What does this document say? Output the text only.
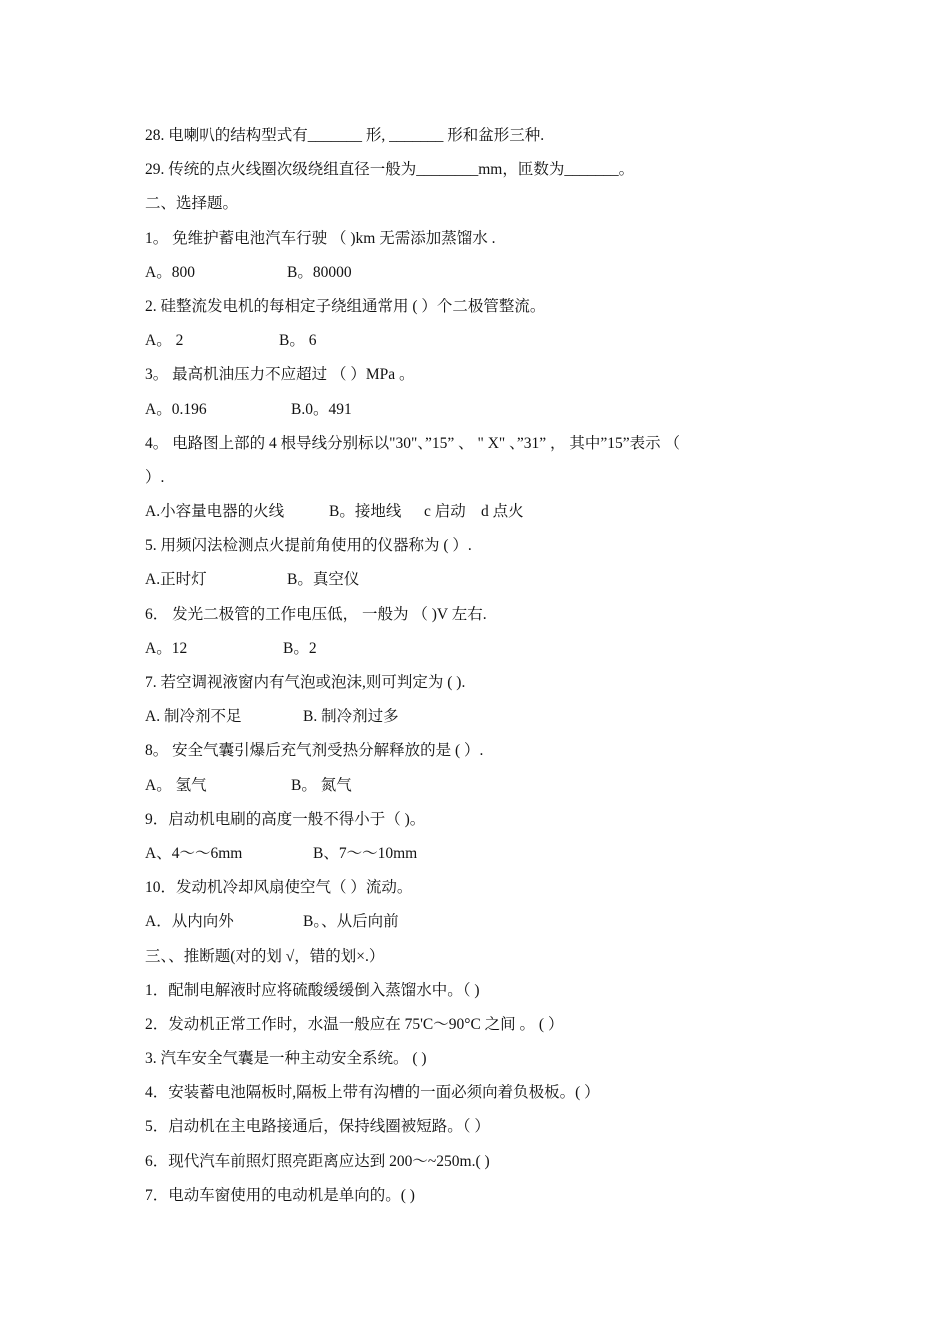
28. 电喇叭的结构型式有_______ 形, _______ 形和盆形三种.
29. 传统的点火线圈次级绕组直径一般为________mm，匝数为_______。
二、选择题。
1。 免维护蓄电池汽车行驶 （ )km 无需添加蒸馏水 .
A。800	B。80000
2. 硅整流发电机的每相定子绕组通常用 ( ）个二极管整流。
A。 2	B。 6
3。 最高机油压力不应超过 （ ）MPa 。
A。0.196	B.0。491
4。 电路图上部的 4 根导线分别标以"30"、”15” 、 " X" 、”31” ， 其中”15”表示 （
）.
A.小容量电器的火线	B。接地线 c 启动 d 点火
5. 用频闪法检测点火提前角使用的仪器称为 ( ）.
A.正时灯	B。真空仪
6． 发光二极管的工作电压低， 一般为 （ )V 左右.
A。12	B。2
7. 若空调视液窗内有气泡或泡沫,则可判定为 ( ).
A. 制冷剂不足	B. 制冷剂过多
8。 安全气囊引爆后充气剂受热分解释放的是 ( ）.
A。 氢气	B。 氮气
9．启动机电刷的高度一般不得小于（ )。
A、4～～6mm	B、7～～10mm
10．发动机冷却风扇使空气（ ）流动。
A．从内向外	B。、从后向前
三、、推断题(对的划 √，错的划×.）
1．配制电解液时应将硫酸缓缓倒入蒸馏水中。（ )
2．发动机正常工作时，水温一般应在 75'C～90°C 之间 。 ( ）
3. 汽车安全气囊是一种主动安全系统。 ( )
4．安装蓄电池隔板时,隔板上带有沟槽的一面必须向着负极板。( ）
5．启动机在主电路接通后，保持线圈被短路。（ ）
6．现代汽车前照灯照亮距离应达到 200～~250m.( )
7．电动车窗使用的电动机是单向的。( )
